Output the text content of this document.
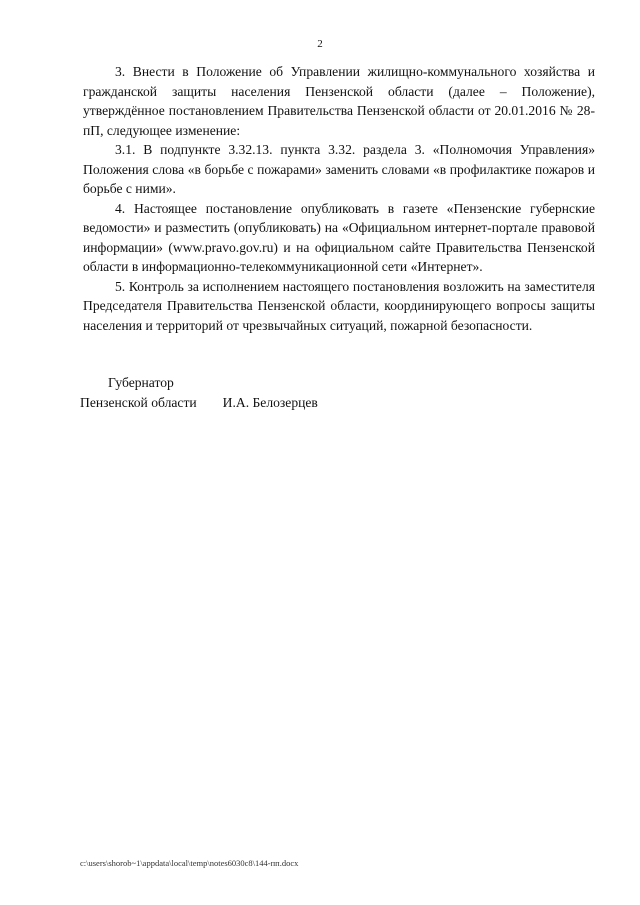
2

3. Внести в Положение об Управлении жилищно-коммунального хозяйства и гражданской защиты населения Пензенской области (далее – Положение), утверждённое постановлением Правительства Пензенской области от 20.01.2016 № 28-пП, следующее изменение:

3.1. В подпункте 3.32.13. пункта 3.32. раздела 3. «Полномочия Управления» Положения слова «в борьбе с пожарами» заменить словами «в профилактике пожаров и борьбе с ними».

4. Настоящее постановление опубликовать в газете «Пензенские губернские ведомости» и разместить (опубликовать) на «Официальном интернет-портале правовой информации» (www.pravo.gov.ru) и на официальном сайте Правительства Пензенской области в информационно-телекоммуникационной сети «Интернет».

5. Контроль за исполнением настоящего постановления возложить на заместителя Председателя Правительства Пензенской области, координирующего вопросы защиты населения и территорий от чрезвычайных ситуаций, пожарной безопасности.

Губернатор
Пензенской области И.А. Белозерцев
c:\users\shorob~1\appdata\local\temp\notes6030c8\144-пп.docx
